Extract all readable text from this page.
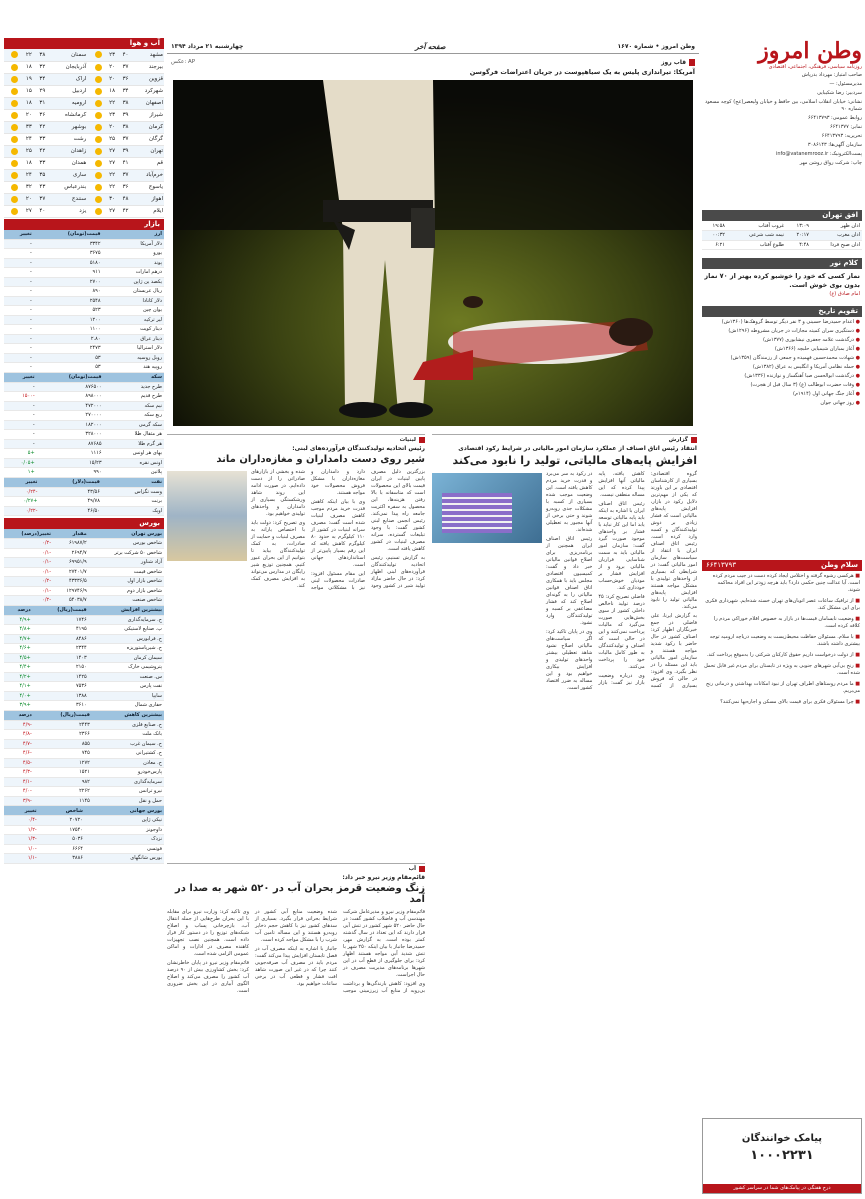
چهارشنبه ۲۱ مرداد ۱۳۹۴	صفحه آخر	وطن امروز • شماره ۱۶۷۰
آب و هوا
مشهد	۴۰	۲۳		سمنان	۳۸	۲۲	
بیرجند	۳۷	۲۰		آذربایجان	۳۲	۱۸	
قزوین	۳۶	۲۰		اراک	۳۴	۱۹	
شهرکرد	۳۴	۱۸		اردبیل	۲۹	۱۵	
اصفهان	۳۸	۲۲		ارومیه	۳۱	۱۸	
شیراز	۳۹	۲۳		کرمانشاه	۳۶	۲۰	
کرمان	۳۸	۲۰		بوشهر	۴۲	۳۳	
گرگان	۳۷	۲۵		رشت	۳۳	۲۴	
تهران	۳۹	۲۷		زاهدان	۴۲	۲۵	
قم	۴۱	۲۷		همدان	۳۳	۱۸	
خرم‌آباد	۳۷	۲۲		ساری	۳۵	۲۴	
یاسوج	۳۶	۲۲		بندرعباس	۴۳	۳۲	
اهواز	۴۸	۳۰		سنندج	۳۷	۲۰	
ایلام	۴۲	۲۷		یزد	۴۰	۲۷	
بازار
ارز	قیمت(تومان)	تغییر
دلار آمریکا	۳۳۴۲	-
یورو	۳۶۷۵	-
پوند	۵۱۸۰	-
درهم امارات	۹۱۱	-
یکصد ین ژاپن	۲۷۰۰	-
ریال عربستان	۸۹۰	-
دلار کانادا	۲۵۴۸	-
یوان چین	۵۲۳	-
لیر ترکیه	۱۲۰۰	-
دینار کویت	۱۱۰۰	-
دینار عراق	۲.۸۰	-
دلار استرالیا	۲۴۷۳	-
روبل روسیه	۵۳	-
روپیه هند	۵۳	-
سکه	قیمت(تومان)	تغییر
طرح جدید	۸۷۶۵۰۰	-
طرح قدیم	۸۹۸۰۰۰	-۱۵۰۰
نیم سکه	۴۷۲۰۰۰	-
ربع سکه	۲۷۰۰۰۰	-
سکه گرمی	۱۸۲۰۰۰	-
هر مثقال طلا	۳۲۸۰۰۰	-
هر گرم طلا	۸۷۶۸۵	-
بهای هر اونس	۱۱۱۶	+۵
اونس نقره	۱۵/۲۳	+۰/۰۵
پلاتین	۹۹۰	+۱
نفت	قیمت(دلار)	تغییر
وست تگزاس	۴۳/۵۶	-۰/۲۴
برنت	۴۹/۷۸	+۰/۲۷
اوپک	۴۶/۵۰	-۰/۲۲
بورس
بورس تهران	مقدار	تغییر(درصد)
شاخص بورس	۶۱۹۸۷/۲	-۰/۲
شاخص ۵۰ شرکت برتر	۲۶۹۴/۷	-۰/۱
آزاد شناور	۶۹۹۵۱/۹	-۰/۱
شاخص قیمت	۲۷۴۰۱/۷	-۰/۱
شاخص بازار اول	۴۳۳۳۶/۵	-۰/۲
شاخص بازار دوم	۱۲۹۷۴۶/۹	-۰/۱
شاخص صنعت	۵۴۰۳۸/۷	-۰/۲
بیشترین افزایش	قیمت(ریال)	درصد
ح. سرمایه‌گذاری	۱۷۴۶	+۴/۹
پ. صنایع لاستیکی	۴۱۹۵	+۴/۸
ح. فرابورس	۸۴۸۶	+۴/۷
ح. شیرپاستوریزه	۲۳۴۴	+۴/۶
سیمان کرمان	۱۴۰۳	+۴/۵
پتروشیمی خارک	۲۱۵۰	+۴/۴
س. صنعت	۱۴۲۵	+۴/۲
نفت پارس	۷۵۳۶	+۴/۱
سایپا	۱۳۸۸	+۴/۰
حفاری شمال	۳۶۱۰	+۳/۹
بیشترین کاهش	قیمت(ریال)	درصد
ح. صنایع فلزی	۲۴۴۳	-۴/۹
بانک ملت	۲۳۶۶	-۴/۸
ح. سیمان غرب	۸۵۵	-۴/۷
ح. کشتیرانی	۷۴۵	-۴/۶
ح. معادن	۱۲۷۲	-۴/۵
پارس‌خودرو	۱۵۲۱	-۴/۳
سرمایه‌گذاری	۹۸۲	-۴/۱
نیرو ترانس	۲۲۶۲	-۴/۰
حمل و نقل	۱۱۴۵	-۳/۹
بورس جهانی	شاخص	تغییر
نیکی ژاپن	۲۰۷۲۰	-۰/۴
داوجونز	۱۷۵۴۰	-۱/۲
نزدک	۵۰۳۶	-۱/۳
فوتسی	۶۶۶۴	-۱/۰
بورس شانگهای	۳۸۸۶	-۱/۱
عکس: AP	قاب روز
آمریکا: تیراندازی پلیس به یک سیاهپوست در جریان اعتراضات فرگوسن
گزارش
انتقاد رئیس اتاق اصناف از عملکرد سازمان امور مالیاتی در شرایط رکود اقتصادی
افزایش پایه‌های مالیاتی، تولید را نابود می‌کند

گروه اقتصادی: بسیاری از کارشناسان اقتصادی بر این باورند که یکی از مهم‌ترین دلایل رکود در بازار، افزایش پایه‌های مالیاتی است که فشار زیادی بر دوش تولیدکنندگان و کسبه وارد کرده است. رئیس اتاق اصناف ایران با انتقاد از سیاست‌های سازمان امور مالیاتی گفت: در شرایطی که بسیاری از واحدهای تولیدی با مشکل مواجه هستند افزایش پایه‌های مالیاتی تولید را نابود می‌کند.

به گزارش ایرنا، علی فاضلی در جمع خبرنگاران اظهار کرد: اصناف کشور در حال حاضر با رکود شدید مواجه هستند و سازمان امور مالیاتی باید این مسئله را در نظر بگیرد. وی افزود: در حالی که فروش بسیاری از کسبه کاهش یافته، پایه مالیاتی آنها افزایش پیدا کرده که این مساله منطقی نیست.

رئیس اتاق اصناف ایران با اشاره به اینکه باید پایه مالیاتی توسعه یابد اما این کار نباید با فشار بر واحدهای موجود صورت گیرد گفت: سازمان امور مالیاتی باید به سمت شناسایی فراریان مالیاتی برود و از افزایش فشار بر مودیان خوش‌حساب خودداری کند.

فاضلی تصریح کرد: ۴۵ درصد تولید ناخالص داخلی کشور از سوی بخش‌هایی صورت می‌گیرد که مالیات پرداخت نمی‌کنند و این در حالی است که اصناف و تولیدکنندگان به طور کامل مالیات خود را پرداخت می‌کنند.

وی درباره وضعیت بازار نیز گفت: بازار در رکود به سر می‌برد و قدرت خرید مردم کاهش یافته است. این وضعیت موجب شده بسیاری از کسبه با مشکلات جدی روبه‌رو شوند و حتی برخی از آنها مجبور به تعطیلی شده‌اند.

رئیس اتاق اصناف ایران همچنین از برنامه‌ریزی برای اصلاح قوانین مالیاتی خبر داد و گفت: کمیسیون اقتصادی مجلس باید با همکاری اتاق اصناف قوانین مالیاتی را به گونه‌ای اصلاح کند که فشار مضاعفی بر کسبه و تولیدکنندگان وارد نشود.

وی در پایان تاکید کرد: اگر سیاست‌های مالیاتی اصلاح نشود شاهد تعطیلی بیشتر واحدهای تولیدی و افزایش بیکاری خواهیم بود و این مساله به ضرر اقتصاد کشور است.

لبنیات
رئیس اتحادیه تولیدکنندگان فرآورده‌های لبنی:
شیر روی دست دامداران و مغازه‌داران ماند

بزرگترین دلیل مصرف پایین لبنیات در ایران قیمت بالای این محصولات است که متاسفانه با بالا رفتن هزینه‌ها، این محصول به سفره اکثریت جامعه راه پیدا نمی‌کند. رئیس انجمن صنایع لبنی کشور گفت: با وجود تبلیغات گسترده، سرانه مصرف لبنیات در کشور کاهش یافته است.

به گزارش تسنیم، رئیس اتحادیه تولیدکنندگان فرآورده‌های لبنی اظهار کرد: در حال حاضر مازاد تولید شیر در کشور وجود دارد و دامداران و مغازه‌داران با مشکل فروش محصولات خود مواجه هستند.

وی با بیان اینکه کاهش قدرت خرید مردم موجب کاهش مصرف لبنیات شده است گفت: مصرف سرانه لبنیات در کشور از ۱۱۰ کیلوگرم به حدود ۸۰ کیلوگرم کاهش یافته که این رقم بسیار پایین‌تر از استانداردهای جهانی است.

این مقام مسئول افزود: صادرات محصولات لبنی نیز با مشکلاتی مواجه شده و بخشی از بازارهای صادراتی را از دست داده‌ایم. در صورت ادامه این روند شاهد ورشکستگی بسیاری از دامداران و واحدهای تولیدی خواهیم بود.

وی تصریح کرد: دولت باید با اختصاص یارانه به مصرف لبنیات و حمایت از صادرات، به کمک تولیدکنندگان بیاید تا بتوانیم از این بحران عبور کنیم. همچنین توزیع شیر رایگان در مدارس می‌تواند به افزایش مصرف کمک کند.

آب
قائم‌مقام وزیر نیرو خبر داد:
زنگ وضعیت قرمز بحران آب در ۵۲۰ شهر به صدا در آمد

قائم‌مقام وزیر نیرو و مدیرعامل شرکت مهندسی آب و فاضلاب کشور گفت: در حال حاضر ۵۲۰ شهر کشور در تنش آبی قرار دارند که این تعداد در سال گذشته کمتر بوده است. به گزارش مهر، حمیدرضا جانباز با بیان اینکه ۲۵۰ شهر با تنش شدید آبی مواجه هستند اظهار کرد: برای جلوگیری از قطع آب در این شهرها برنامه‌های مدیریت مصرف در حال اجراست.

وی افزود: کاهش بارندگی‌ها و برداشت بی‌رویه از منابع آب زیرزمینی موجب شده وضعیت منابع آبی کشور در شرایط بحرانی قرار بگیرد. بسیاری از سدهای کشور نیز با کاهش حجم ذخایر روبه‌رو هستند و این مساله تامین آب شرب را با مشکل مواجه کرده است.

جانباز با اشاره به اینکه مصرف آب در فصل تابستان افزایش پیدا می‌کند گفت: مردم باید در مصرف آب صرفه‌جویی کنند چرا که در غیر این صورت شاهد افت فشار و قطعی آب در برخی ساعات خواهیم بود.

وی تاکید کرد: وزارت نیرو برای مقابله با این بحران طرح‌هایی از جمله انتقال آب، بازچرخانی پساب و اصلاح شبکه‌های توزیع را در دستور کار قرار داده است. همچنین نصب تجهیزات کاهنده مصرف در ادارات و اماکن عمومی الزامی شده است.

قائم‌مقام وزیر نیرو در پایان خاطرنشان کرد: بخش کشاورزی بیش از ۹۰ درصد آب کشور را مصرف می‌کند و اصلاح الگوی آبیاری در این بخش ضروری است.

وطن امروز
روزنامه سیاسی، فرهنگی، اجتماعی، اقتصادی

صاحب امتیاز: مهرداد بذرپاش

مدیرمسئول: —

سردبیر: رضا شکیبایی

نشانی: خیابان انقلاب اسلامی، بین حافظ و خیابان ولیعصر(عج) کوچه مسعود شماره ۹۰

روابط عمومی: ۶۶۴۱۳۷۹۳

نمابر: ۶۶۴۱۳۷۷

تحریریه: ۶۶۴۱۳۷۹۳

سازمان آگهی‌ها: ۳۰۸۶۱۴۳

پست‌الکترونیک: info@vatanemrooz.ir

چاپ: شرکت رواق روشن مهر

افق تهران
اذان ظهر	۱۳:۰۹	غروب آفتاب	۱۹:۵۸
اذان مغرب	۲۰:۱۷	نیمه شب شرعی	۰۰:۳۲
اذان صبح فردا	۴:۴۸	طلوع آفتاب	۶:۲۱
کلام نور
نماز کسی که خود را خوشبو کرده بهتر از ۷۰ نماز بدون بوی خوش است.
امام صادق (ع)
تقویم تاریخ

● اعدام حمیدرضا حسینی و ۳ نفر دیگر توسط گروهک‌ها (۱۳۶۰ش)

● دستگیری سران کمیته مجازات در جریان مشروطه (۱۲۹۶ش)

● درگذشت علامه جعفری نیشابوری (۱۳۷۷ش)

● آغاز بمباران شیمیایی حلبچه (۱۳۶۶ش)

● شهادت محمدحسین فهمیده و جمعی از رزمندگان (۱۳۵۹ش)

● حمله نظامی آمریکا و انگلیس به عراق (۱۳۸۲ش)

● درگذشت ابوالحسن صبا آهنگساز و نوازنده (۱۳۳۶ش)

● وفات حضرت ابوطالب (ع) (۳ سال قبل از هجرت)

● آغاز جنگ جهانی اول (۱۹۱۴م)

● روز جهانی جوان

سلام وطن
۶۶۴۱۳۷۹۳

■ هرکسی رشوه گرفته و اختلاس ایجاد کرده دست در جیب مردم کرده است. آیا عدالت چنین حکمی دارد؟ باید هرچه زودتر این افراد محاکمه شوند.

■ از ترافیک ساعات عصر اتوبان‌های تهران خسته شده‌ایم. شهرداری فکری برای این مشکل کند.

■ وضعیت نابسامان قیمت‌ها در بازار به خصوص اقلام خوراکی مردم را کلافه کرده است.

■ با سلام. مسئولان حفاظت محیط‌زیست به وضعیت دریاچه ارومیه توجه بیشتری داشته باشند.

■ از دولت درخواست داریم حقوق کارکنان شرکتی را به‌موقع پرداخت کند.

■ رنج بی‌آبی شهرهای جنوبی به ویژه در تابستان برای مردم غیر قابل تحمل شده است.

■ ما مردم روستاهای اطراف تهران از نبود امکانات بهداشتی و درمانی رنج می‌بریم.

■ چرا مسئولان فکری برای قیمت بالای مسکن و اجاره‌بها نمی‌کنند؟

پیامک خوانندگان
۱۰۰۰۲۲۳۱
درج هفتگی در پیامک‌های شما در سراسر کشور
